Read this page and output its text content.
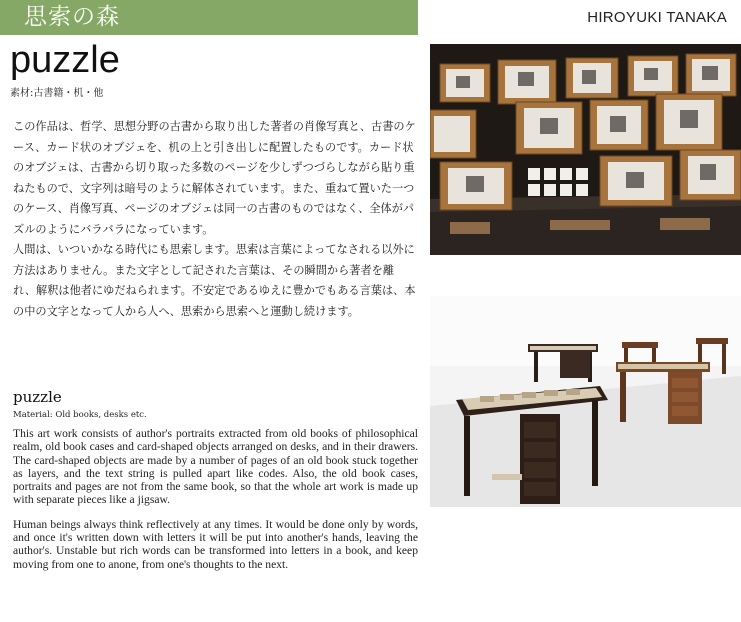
思索の森	HIROYUKI TANAKA
puzzle
素材:古書籍・机・他

この作品は、哲学、思想分野の古書から取り出した著者の肖像写真と、古書のケース、カード状のオブジェを、机の上と引き出しに配置したものです。カード状のオブジェは、古書から切り取った多数のページを少しずつづらしながら貼り重ねたもので、文字列は暗号のように解体されています。また、重ねて置いた一つのケース、肖像写真、ページのオブジェは同一の古書のものではなく、全体がパズルのようにバラバラになっています。

人間は、いついかなる時代にも思索します。思索は言葉によってなされる以外に方法はありません。また文字として記された言葉は、その瞬間から著者を離れ、解釈は他者にゆだねられます。不安定であるゆえに豊かでもある言葉は、本の中の文字となって人から人へ、思索から思索へと運動し続けます。

puzzle
Material: Old books, desks etc.

This art work consists of author's portraits extracted from old books of philosophical realm, old book cases and card-shaped objects arranged on desks, and in their drawers. The card-shaped objects are made by a number of pages of an old book stuck together as layers, and the text string is pulled apart like codes. Also, the old book cases, portraits and pages are not from the same book, so that the whole art work is made up with separate pieces like a jigsaw.

Human beings always think reflectively at any times. It would be done only by words, and once it's written down with letters it will be put into another's hands, leaving the author's. Unstable but rich words can be transformed into letters in a book, and keep moving from one to anone, from one's thoughts to the next.
